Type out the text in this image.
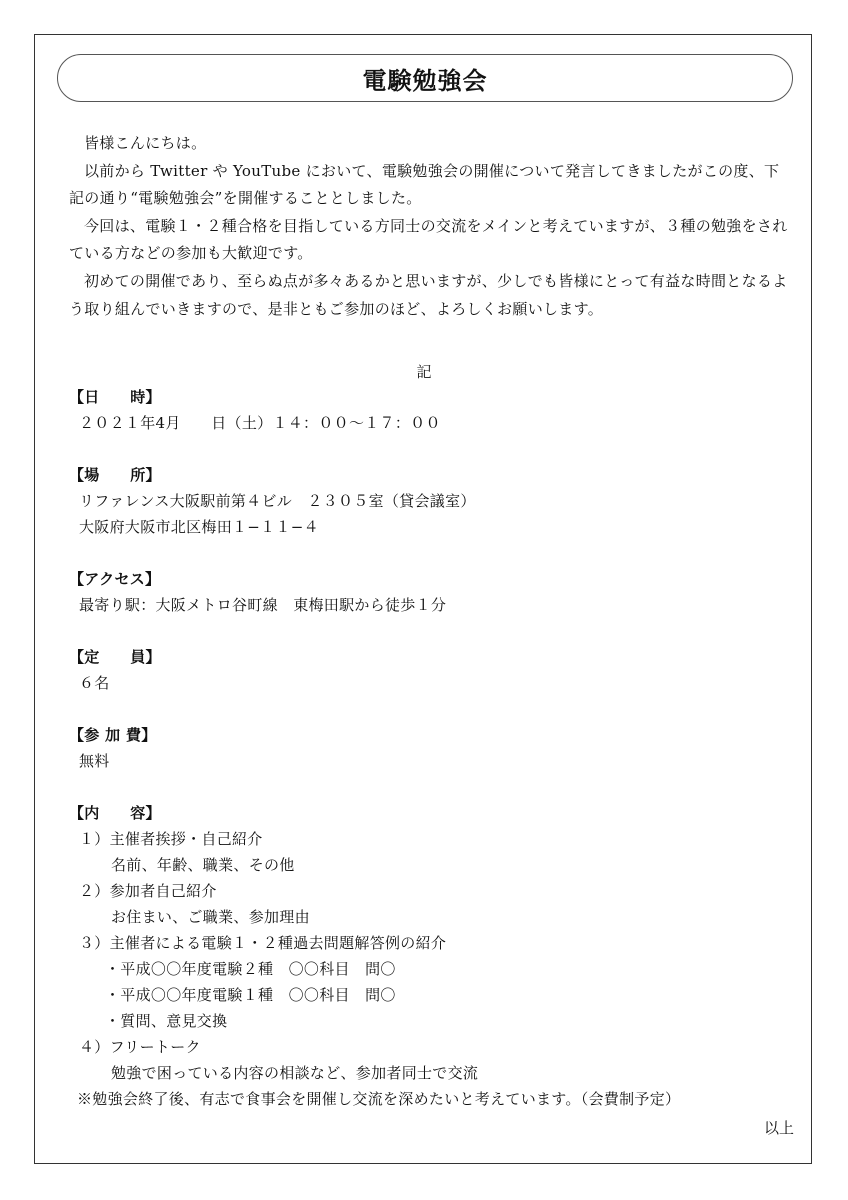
電験勉強会

皆様こんにちは。

以前から Twitter や YouTube において、電験勉強会の開催について発言してきましたがこの度、下記の通り“電験勉強会”を開催することとしました。

今回は、電験１・２種合格を目指している方同士の交流をメインと考えていますが、３種の勉強をされている方などの参加も大歓迎です。

初めての開催であり、至らぬ点が多々あるかと思いますが、少しでも皆様にとって有益な時間となるよう取り組んでいきますので、是非ともご参加のほど、よろしくお願いします。

記
【日　　時】
２０２１年4月　　日（土）１４：００～１７：００
【場　　所】
リファレンス大阪駅前第４ビル　２３０５室（貸会議室）
大阪府大阪市北区梅田１−１１−４
【アクセス】
最寄り駅：大阪メトロ谷町線　東梅田駅から徒歩１分
【定　　員】
６名
【参 加 費】
無料
【内　　容】
１）主催者挨拶・自己紹介
名前、年齢、職業、その他
２）参加者自己紹介
お住まい、ご職業、参加理由
３）主催者による電験１・２種過去問題解答例の紹介
・平成〇〇年度電験２種　〇〇科目　問〇
・平成〇〇年度電験１種　〇〇科目　問〇
・質問、意見交換
４）フリートーク
勉強で困っている内容の相談など、参加者同士で交流
※勉強会終了後、有志で食事会を開催し交流を深めたいと考えています。（会費制予定）
以上
